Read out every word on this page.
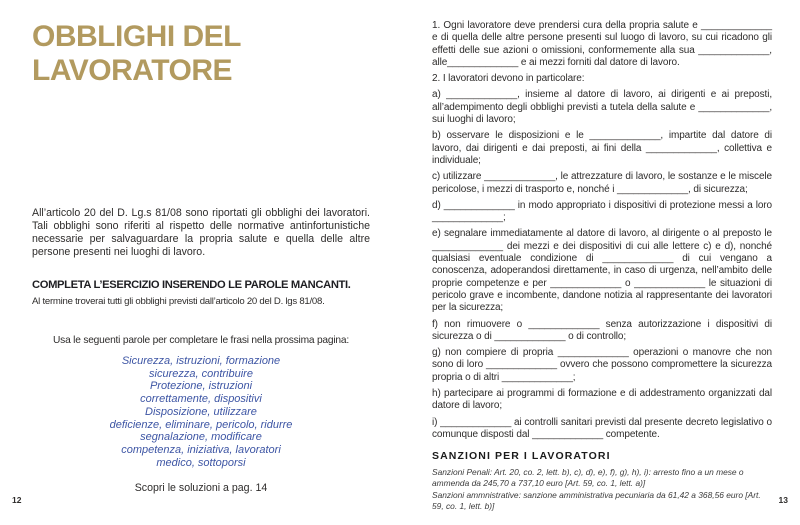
OBBLIGHI DEL
LAVORATORE

All’articolo 20 del D. Lg.s 81/08 sono riportati gli obblighi dei lavoratori. Tali obblighi sono riferiti al rispetto delle normative antinfortunistiche necessarie per salvaguardare la propria salute e quella delle altre persone presenti nei luoghi di lavoro.

COMPLETA L’ESERCIZIO INSERENDO LE PAROLE MANCANTI.
Al termine troverai tutti gli obblighi previsti dall’articolo 20 del D. lgs 81/08.
Usa le seguenti parole per completare le frasi nella prossima pagina:
Sicurezza, istruzioni, formazione
sicurezza, contribuire
Protezione, istruzioni
correttamente, dispositivi
Disposizione, utilizzare
deficienze, eliminare, pericolo, ridurre
segnalazione, modificare
competenza, iniziativa, lavoratori
medico, sottoporsi
Scopri le soluzioni a pag. 14
12

1. Ogni lavoratore deve prendersi cura della propria salute e _____________ e di quella delle altre persone presenti sul luogo di lavoro, su cui ricadono gli effetti delle sue azioni o omissioni, conformemente alla sua _____________, alle_____________ e ai mezzi forniti dal datore di lavoro.

2. I lavoratori devono in particolare:

a) _____________, insieme al datore di lavoro, ai dirigenti e ai preposti, all’adempimento degli obblighi previsti a tutela della salute e _____________, sui luoghi di lavoro;

b) osservare le disposizioni e le _____________, impartite dal datore di lavoro, dai dirigenti e dai preposti, ai fini della _____________, collettiva e individuale;

c) utilizzare _____________, le attrezzature di lavoro, le sostanze e le miscele pericolose, i mezzi di trasporto e, nonché i _____________, di sicurezza;

d) _____________ in modo appropriato i dispositivi di protezione messi a loro _____________;

e) segnalare immediatamente al datore di lavoro, al dirigente o al preposto le _____________ dei mezzi e dei dispositivi di cui alle lettere c) e d), nonché qualsiasi eventuale condizione di _____________ di cui vengano a conoscenza, adoperandosi direttamente, in caso di urgenza, nell’ambito delle proprie competenze e per _____________ o _____________ le situazioni di pericolo grave e incombente, dandone notizia al rappresentante dei lavoratori per la sicurezza;

f) non rimuovere o _____________ senza autorizzazione i dispositivi di sicurezza o di _____________ o di controllo;

g) non compiere di propria _____________ operazioni o manovre che non sono di loro _____________ ovvero che possono compromettere la sicurezza propria o di altri _____________;

h) partecipare ai programmi di formazione e di addestramento organizzati dal datore di lavoro;

i) _____________ ai controlli sanitari previsti dal presente decreto legislativo o comunque disposti dal _____________ competente.

SANZIONI PER I LAVORATORI

Sanzioni Penali: Art. 20, co. 2, lett. b), c), d), e), f), g), h), i): arresto fino a un mese o ammenda da 245,70 a 737,10 euro [Art. 59, co. 1, lett. a)]

Sanzioni ammnistrative: sanzione amministrativa pecuniaria da 61,42 a 368,56 euro [Art. 59, co. 1, lett. b)]

13
